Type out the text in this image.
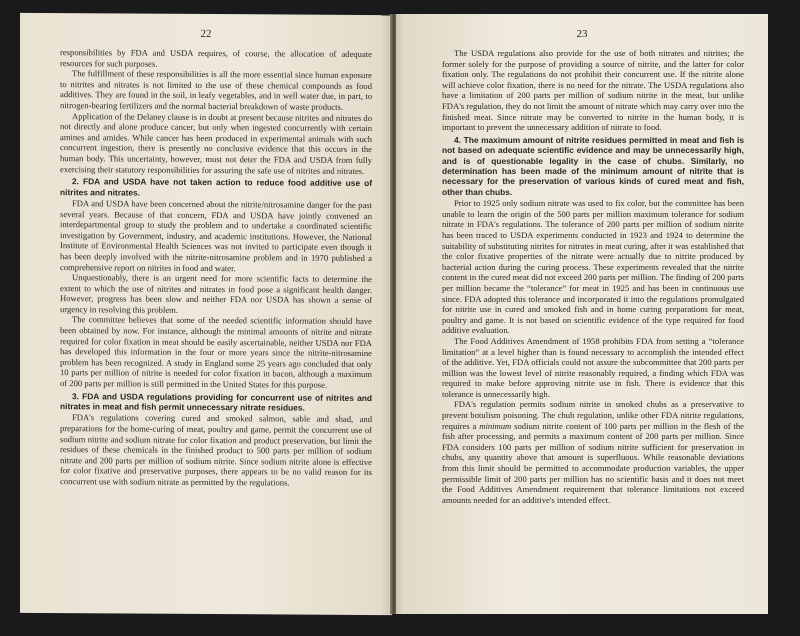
22

responsibilities by FDA and USDA requires, of course, the allocation of adequate resources for such purposes.

The fulfillment of these responsibilities is all the more essential since human exposure to nitrites and nitrates is not limited to the use of these chemical compounds as food additives. They are found in the soil, in leafy vegetables, and in well water due, in part, to nitrogen-bearing fertilizers and the normal bacterial breakdown of waste products.

Application of the Delaney clause is in doubt at present because nitrites and nitrates do not directly and alone produce cancer, but only when ingested concurrently with certain amines and amides. While cancer has been produced in experimental animals with such concurrent ingestion, there is presently no conclusive evidence that this occurs in the human body. This uncertainty, however, must not deter the FDA and USDA from fully exercising their statutory responsibilities for assuring the safe use of nitrites and nitrates.

2. FDA and USDA have not taken action to reduce food additive use of nitrites and nitrates.

FDA and USDA have been concerned about the nitrite/nitrosamine danger for the past several years. Because of that concern, FDA and USDA have jointly convened an interdepartmental group to study the problem and to undertake a coordinated scientific investigation by Government, industry, and academic institutions. However, the National Institute of Environmental Health Sciences was not invited to participate even though it has been deeply involved with the nitrite-nitrosamine problem and in 1970 published a comprehensive report on nitrites in food and water.

Unquestionably, there is an urgent need for more scientific facts to determine the extent to which the use of nitrites and nitrates in food pose a significant health danger. However, progress has been slow and neither FDA nor USDA has shown a sense of urgency in resolving this problem.

The committee believes that some of the needed scientific information should have been obtained by now. For instance, although the minimal amounts of nitrite and nitrate required for color fixation in meat should be easily ascertainable, neither USDA nor FDA has developed this information in the four or more years since the nitrite-nitrosamine problem has been recognized. A study in England some 25 years ago concluded that only 10 parts per million of nitrite is needed for color fixation in bacon, although a maximum of 200 parts per million is still permitted in the United States for this purpose.

3. FDA and USDA regulations providing for concurrent use of nitrites and nitrates in meat and fish permit unnecessary nitrate residues.

FDA's regulations covering cured and smoked salmon, sable and shad, and preparations for the home-curing of meat, poultry and game, permit the concurrent use of sodium nitrite and sodium nitrate for color fixation and product preservation, but limit the residues of these chemicals in the finished product to 500 parts per million of sodium nitrate and 200 parts per million of sodium nitrite. Since sodium nitrite alone is effective for color fixative and preservative purposes, there appears to be no valid reason for its concurrent use with sodium nitrate as permitted by the regulations.

23

The USDA regulations also provide for the use of both nitrates and nitrites; the former solely for the purpose of providing a source of nitrite, and the latter for color fixation only. The regulations do not prohibit their concurrent use. If the nitrite alone will achieve color fixation, there is no need for the nitrate. The USDA regulations also have a limitation of 200 parts per million of sodium nitrite in the meat, but unlike FDA's regulation, they do not limit the amount of nitrate which may carry over into the finished meat. Since nitrate may be converted to nitrite in the human body, it is important to prevent the unnecessary addition of nitrate to food.

4. The maximum amount of nitrite residues permitted in meat and fish is not based on adequate scientific evidence and may be unnecessarily high, and is of questionable legality in the case of chubs. Similarly, no determination has been made of the minimum amount of nitrite that is necessary for the preservation of various kinds of cured meat and fish, other than chubs.

Prior to 1925 only sodium nitrate was used to fix color, but the committee has been unable to learn the origin of the 500 parts per million maximum tolerance for sodium nitrate in FDA's regulations. The tolerance of 200 parts per million of sodium nitrite has been traced to USDA experiments conducted in 1923 and 1924 to determine the suitability of substituting nitrites for nitrates in meat curing, after it was established that the color fixative properties of the nitrate were actually due to nitrite produced by bacterial action during the curing process. These experiments revealed that the nitrite content in the cured meat did not exceed 200 parts per million. The finding of 200 parts per million became the “tolerance” for meat in 1925 and has been in continuous use since. FDA adopted this tolerance and incorporated it into the regulations promulgated for nitrite use in cured and smoked fish and in home curing preparations for meat, poultry and game. It is not based on scientific evidence of the type required for food additive evaluation.

The Food Additives Amendment of 1958 prohibits FDA from setting a “tolerance limitation” at a level higher than is found necessary to accomplish the intended effect of the additive. Yet, FDA officials could not assure the subcommittee that 200 parts per million was the lowest level of nitrite reasonably required, a finding which FDA was required to make before approving nitrite use in fish. There is evidence that this tolerance is unnecessarily high.

FDA's regulation permits sodium nitrite in smoked chubs as a preservative to prevent botulism poisoning. The chub regulation, unlike other FDA nitrite regulations, requires a minimum sodium nitrite content of 100 parts per million in the flesh of the fish after processing, and permits a maximum content of 200 parts per million. Since FDA considers 100 parts per million of sodium nitrite sufficient for preservation in chubs, any quantity above that amount is superfluous. While reasonable deviations from this limit should be permitted to accommodate production variables, the upper permissible limit of 200 parts per million has no scientific basis and it does not meet the Food Additives Amendment requirement that tolerance limitations not exceed amounts needed for an additive's intended effect.
